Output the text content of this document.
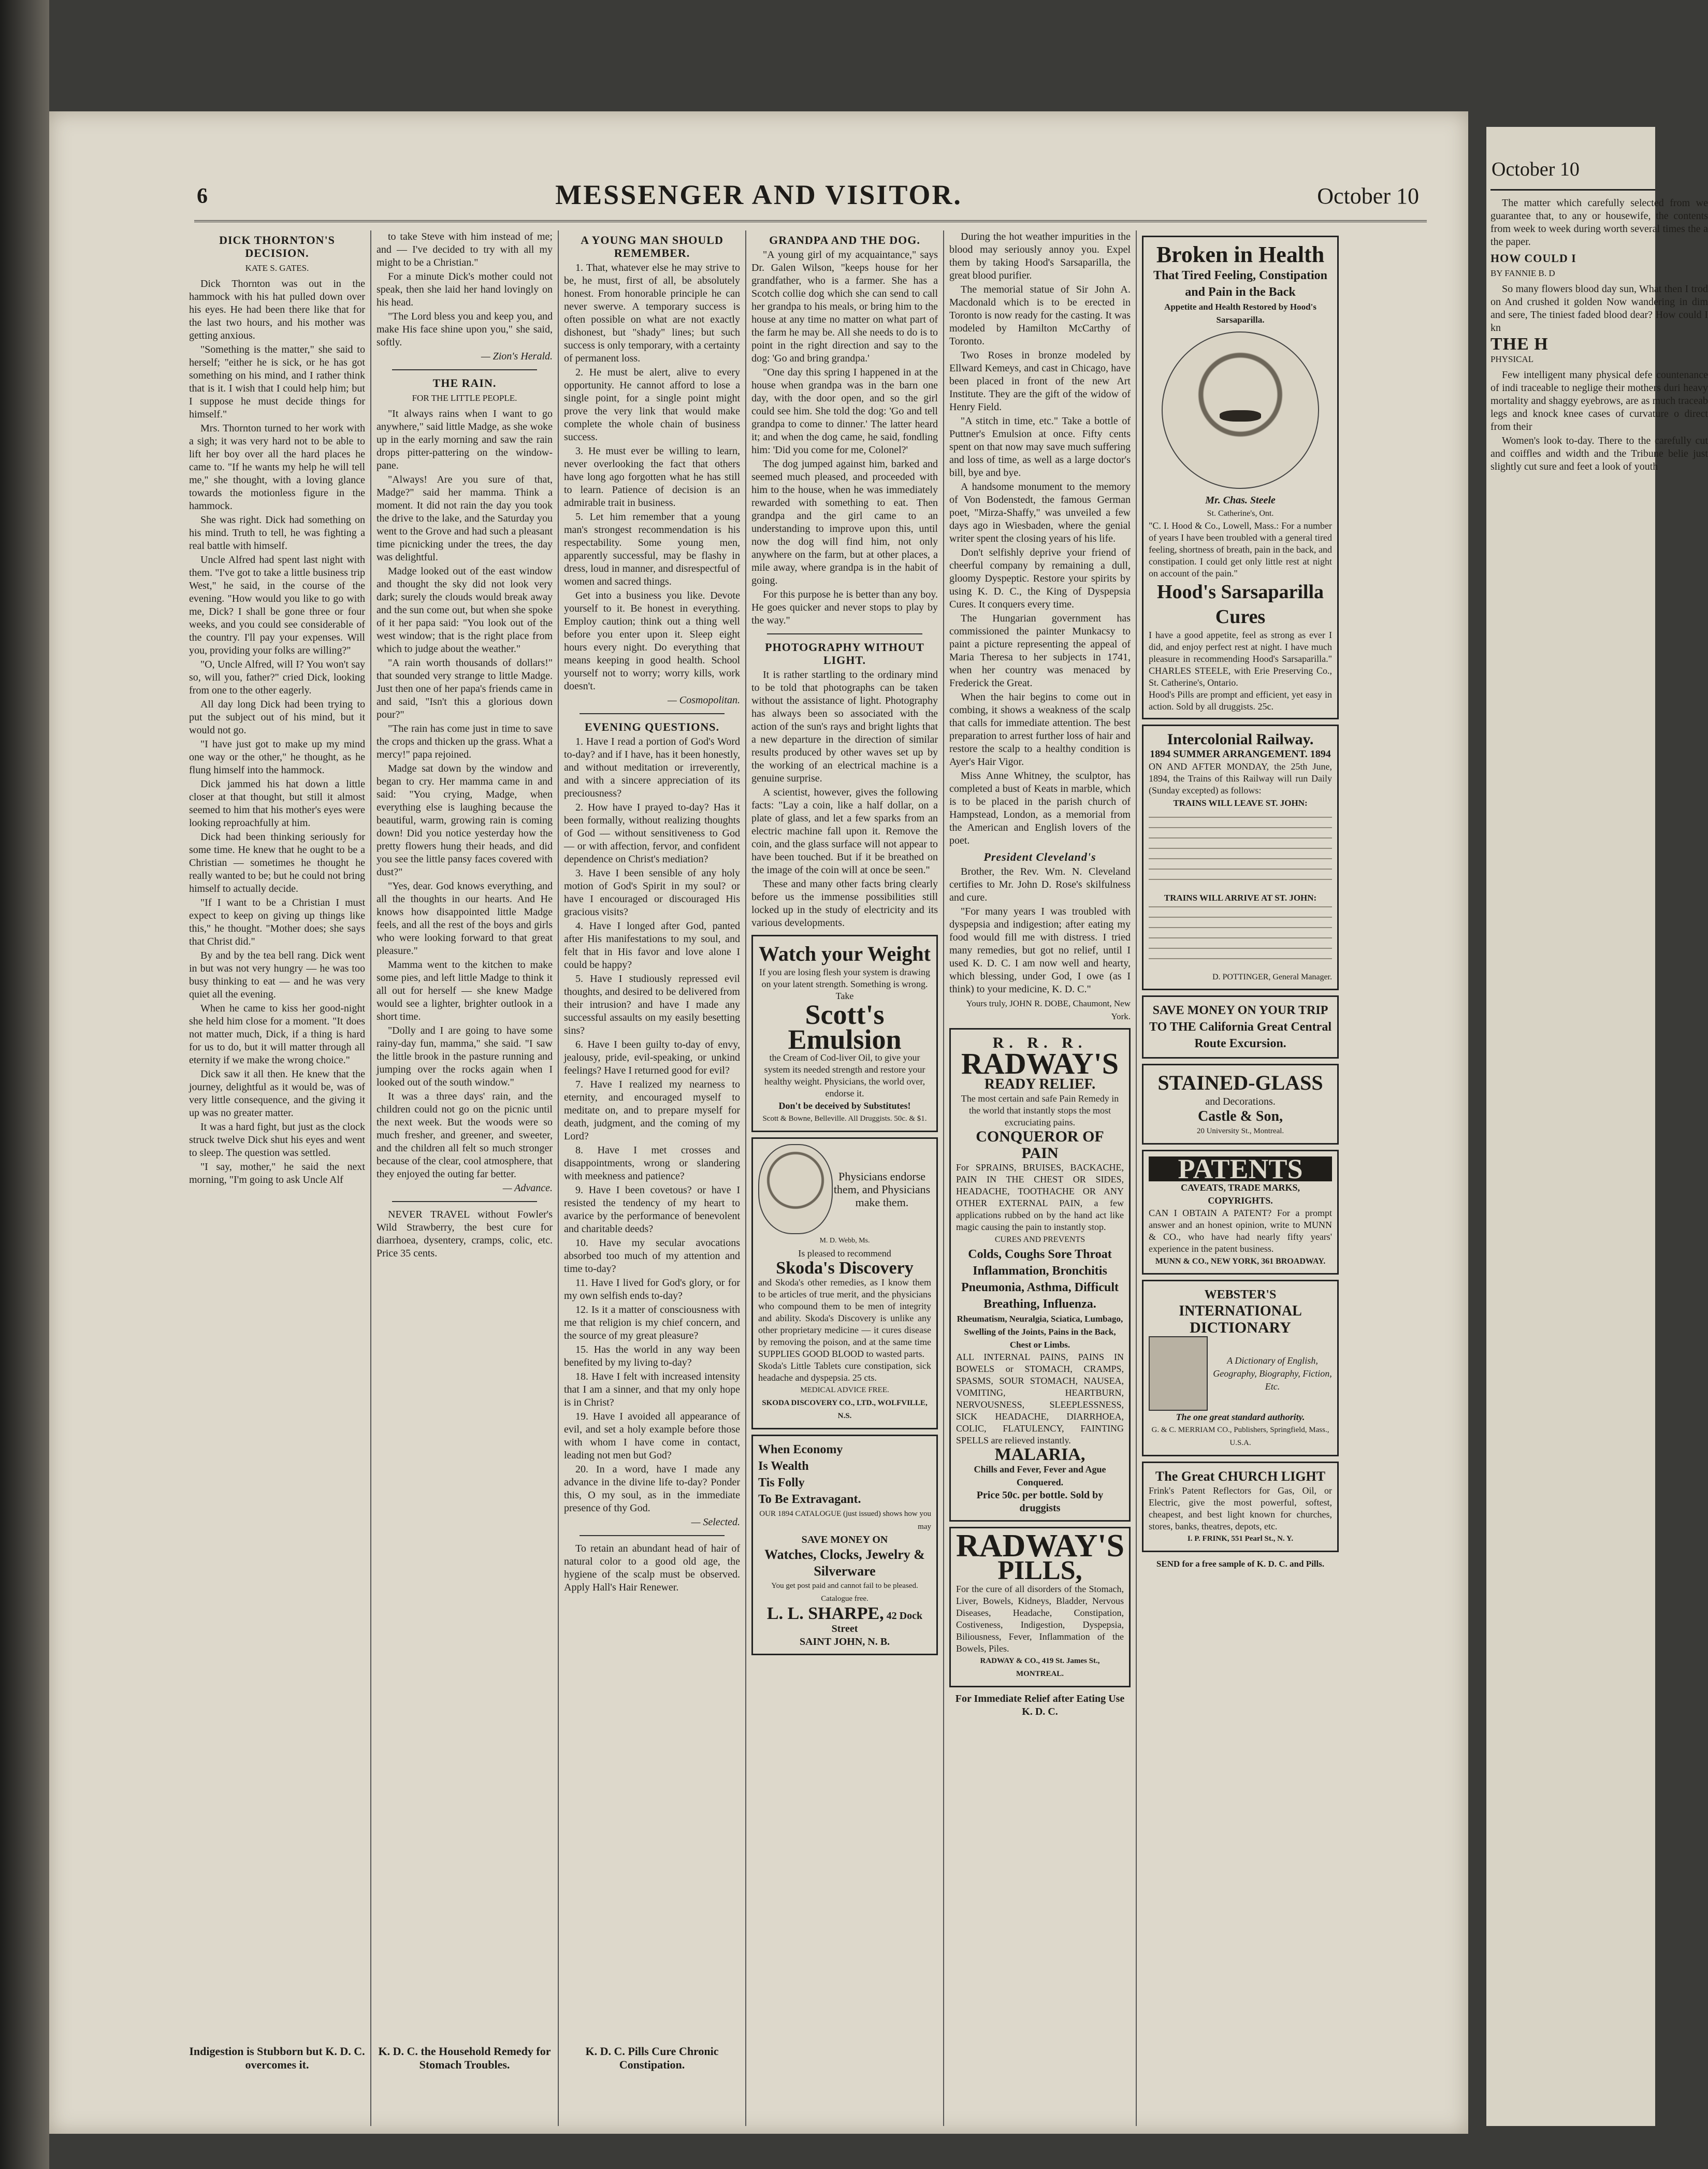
6	MESSENGER AND VISITOR.	October 10
DICK THORNTON'S DECISION.
KATE S. GATES.

Dick Thornton was out in the hammock with his hat pulled down over his eyes. He had been there like that for the last two hours, and his mother was getting anxious.

"Something is the matter," she said to herself; "either he is sick, or he has got something on his mind, and I rather think that is it. I wish that I could help him; but I suppose he must decide things for himself."

Mrs. Thornton turned to her work with a sigh; it was very hard not to be able to lift her boy over all the hard places he came to. "If he wants my help he will tell me," she thought, with a loving glance towards the motionless figure in the hammock.

She was right. Dick had something on his mind. Truth to tell, he was fighting a real battle with himself.

Uncle Alfred had spent last night with them. "I've got to take a little business trip West," he said, in the course of the evening. "How would you like to go with me, Dick? I shall be gone three or four weeks, and you could see considerable of the country. I'll pay your expenses. Will you, providing your folks are willing?"

"O, Uncle Alfred, will I? You won't say so, will you, father?" cried Dick, looking from one to the other eagerly.

All day long Dick had been trying to put the subject out of his mind, but it would not go.

"I have just got to make up my mind one way or the other," he thought, as he flung himself into the hammock.

Dick jammed his hat down a little closer at that thought, but still it almost seemed to him that his mother's eyes were looking reproachfully at him.

Dick had been thinking seriously for some time. He knew that he ought to be a Christian — sometimes he thought he really wanted to be; but he could not bring himself to actually decide.

"If I want to be a Christian I must expect to keep on giving up things like this," he thought. "Mother does; she says that Christ did."

By and by the tea bell rang. Dick went in but was not very hungry — he was too busy thinking to eat — and he was very quiet all the evening.

When he came to kiss her good-night she held him close for a moment. "It does not matter much, Dick, if a thing is hard for us to do, but it will matter through all eternity if we make the wrong choice."

Dick saw it all then. He knew that the journey, delightful as it would be, was of very little consequence, and the giving it up was no greater matter.

It was a hard fight, but just as the clock struck twelve Dick shut his eyes and went to sleep. The question was settled.

"I say, mother," he said the next morning, "I'm going to ask Uncle Alf

Indigestion is Stubborn but K. D. C. overcomes it.

to take Steve with him instead of me; and — I've decided to try with all my might to be a Christian."

For a minute Dick's mother could not speak, then she laid her hand lovingly on his head.

"The Lord bless you and keep you, and make His face shine upon you," she said, softly.

— Zion's Herald.
THE RAIN.
FOR THE LITTLE PEOPLE.

"It always rains when I want to go anywhere," said little Madge, as she woke up in the early morning and saw the rain drops pitter-pattering on the window-pane.

"Always! Are you sure of that, Madge?" said her mamma. Think a moment. It did not rain the day you took the drive to the lake, and the Saturday you went to the Grove and had such a pleasant time picnicking under the trees, the day was delightful.

Madge looked out of the east window and thought the sky did not look very dark; surely the clouds would break away and the sun come out, but when she spoke of it her papa said: "You look out of the west window; that is the right place from which to judge about the weather."

"A rain worth thousands of dollars!" that sounded very strange to little Madge. Just then one of her papa's friends came in and said, "Isn't this a glorious down pour?"

"The rain has come just in time to save the crops and thicken up the grass. What a mercy!" papa rejoined.

Madge sat down by the window and began to cry. Her mamma came in and said: "You crying, Madge, when everything else is laughing because the beautiful, warm, growing rain is coming down! Did you notice yesterday how the pretty flowers hung their heads, and did you see the little pansy faces covered with dust?"

"Yes, dear. God knows everything, and all the thoughts in our hearts. And He knows how disappointed little Madge feels, and all the rest of the boys and girls who were looking forward to that great pleasure."

Mamma went to the kitchen to make some pies, and left little Madge to think it all out for herself — she knew Madge would see a lighter, brighter outlook in a short time.

"Dolly and I are going to have some rainy-day fun, mamma," she said. "I saw the little brook in the pasture running and jumping over the rocks again when I looked out of the south window."

It was a three days' rain, and the children could not go on the picnic until the next week. But the woods were so much fresher, and greener, and sweeter, and the children all felt so much stronger because of the clear, cool atmosphere, that they enjoyed the outing far better.

— Advance.

NEVER TRAVEL without Fowler's Wild Strawberry, the best cure for diarrhoea, dysentery, cramps, colic, etc. Price 35 cents.

K. D. C. the Household Remedy for Stomach Troubles.
A YOUNG MAN SHOULD REMEMBER.

1. That, whatever else he may strive to be, he must, first of all, be absolutely honest. From honorable principle he can never swerve. A temporary success is often possible on what are not exactly dishonest, but "shady" lines; but such success is only temporary, with a certainty of permanent loss.

2. He must be alert, alive to every opportunity. He cannot afford to lose a single point, for a single point might prove the very link that would make complete the whole chain of business success.

3. He must ever be willing to learn, never overlooking the fact that others have long ago forgotten what he has still to learn. Patience of decision is an admirable trait in business.

5. Let him remember that a young man's strongest recommendation is his respectability. Some young men, apparently successful, may be flashy in dress, loud in manner, and disrespectful of women and sacred things.

Get into a business you like. Devote yourself to it. Be honest in everything. Employ caution; think out a thing well before you enter upon it. Sleep eight hours every night. Do everything that means keeping in good health. School yourself not to worry; worry kills, work doesn't.

— Cosmopolitan.
EVENING QUESTIONS.

1. Have I read a portion of God's Word to-day? and if I have, has it been honestly, and without meditation or irreverently, and with a sincere appreciation of its preciousness?

2. How have I prayed to-day? Has it been formally, without realizing thoughts of God — without sensitiveness to God — or with affection, fervor, and confident dependence on Christ's mediation?

3. Have I been sensible of any holy motion of God's Spirit in my soul? or have I encouraged or discouraged His gracious visits?

4. Have I longed after God, panted after His manifestations to my soul, and felt that in His favor and love alone I could be happy?

5. Have I studiously repressed evil thoughts, and desired to be delivered from their intrusion? and have I made any successful assaults on my easily besetting sins?

6. Have I been guilty to-day of envy, jealousy, pride, evil-speaking, or unkind feelings? Have I returned good for evil?

7. Have I realized my nearness to eternity, and encouraged myself to meditate on, and to prepare myself for death, judgment, and the coming of my Lord?

8. Have I met crosses and disappointments, wrong or slandering with meekness and patience?

9. Have I been covetous? or have I resisted the tendency of my heart to avarice by the performance of benevolent and charitable deeds?

10. Have my secular avocations absorbed too much of my attention and time to-day?

11. Have I lived for God's glory, or for my own selfish ends to-day?

12. Is it a matter of consciousness with me that religion is my chief concern, and the source of my great pleasure?

15. Has the world in any way been benefited by my living to-day?

18. Have I felt with increased intensity that I am a sinner, and that my only hope is in Christ?

19. Have I avoided all appearance of evil, and set a holy example before those with whom I have come in contact, leading not men but God?

20. In a word, have I made any advance in the divine life to-day? Ponder this, O my soul, as in the immediate presence of thy God.

— Selected.

To retain an abundant head of hair of natural color to a good old age, the hygiene of the scalp must be observed. Apply Hall's Hair Renewer.

K. D. C. Pills Cure Chronic Constipation.
GRANDPA AND THE DOG.

"A young girl of my acquaintance," says Dr. Galen Wilson, "keeps house for her grandfather, who is a farmer. She has a Scotch collie dog which she can send to call her grandpa to his meals, or bring him to the house at any time no matter on what part of the farm he may be. All she needs to do is to point in the right direction and say to the dog: 'Go and bring grandpa.'

"One day this spring I happened in at the house when grandpa was in the barn one day, with the door open, and so the girl could see him. She told the dog: 'Go and tell grandpa to come to dinner.' The latter heard it; and when the dog came, he said, fondling him: 'Did you come for me, Colonel?'

The dog jumped against him, barked and seemed much pleased, and proceeded with him to the house, when he was immediately rewarded with something to eat. Then grandpa and the girl came to an understanding to improve upon this, until now the dog will find him, not only anywhere on the farm, but at other places, a mile away, where grandpa is in the habit of going.

For this purpose he is better than any boy. He goes quicker and never stops to play by the way."

PHOTOGRAPHY WITHOUT LIGHT.

It is rather startling to the ordinary mind to be told that photographs can be taken without the assistance of light. Photography has always been so associated with the action of the sun's rays and bright lights that a new departure in the direction of similar results produced by other waves set up by the working of an electrical machine is a genuine surprise.

A scientist, however, gives the following facts: "Lay a coin, like a half dollar, on a plate of glass, and let a few sparks from an electric machine fall upon it. Remove the coin, and the glass surface will not appear to have been touched. But if it be breathed on the image of the coin will at once be seen."

These and many other facts bring clearly before us the immense possibilities still locked up in the study of electricity and its various developments.

Watch your Weight
If you are losing flesh your system is drawing on your latent strength. Something is wrong. Take
Scott's
Emulsion
the Cream of Cod-liver Oil, to give your system its needed strength and restore your healthy weight. Physicians, the world over, endorse it.
Don't be deceived by Substitutes!
Scott & Bowne, Belleville. All Druggists. 50c. & $1.
Physicians endorse them, and Physicians make them.
M. D. Webb, Ms.
Is pleased to recommend
Skoda's Discovery
and Skoda's other remedies, as I know them to be articles of true merit, and the physicians who compound them to be men of integrity and ability. Skoda's Discovery is unlike any other proprietary medicine — it cures disease by removing the poison, and at the same time SUPPLIES GOOD BLOOD to wasted parts.
Skoda's Little Tablets cure constipation, sick headache and dyspepsia. 25 cts.
MEDICAL ADVICE FREE.
SKODA DISCOVERY CO., LTD., WOLFVILLE, N.S.
When Economy
Is Wealth
Tis Folly
To Be Extravagant.
OUR 1894 CATALOGUE (just issued) shows how you may
SAVE MONEY ON
Watches, Clocks, Jewelry & Silverware
You get post paid and cannot fail to be pleased. Catalogue free.
L. L. SHARPE, 42 Dock Street
SAINT JOHN, N. B.

During the hot weather impurities in the blood may seriously annoy you. Expel them by taking Hood's Sarsaparilla, the great blood purifier.

The memorial statue of Sir John A. Macdonald which is to be erected in Toronto is now ready for the casting. It was modeled by Hamilton McCarthy of Toronto.

Two Roses in bronze modeled by Ellward Kemeys, and cast in Chicago, have been placed in front of the new Art Institute. They are the gift of the widow of Henry Field.

"A stitch in time, etc." Take a bottle of Puttner's Emulsion at once. Fifty cents spent on that now may save much suffering and loss of time, as well as a large doctor's bill, bye and bye.

A handsome monument to the memory of Von Bodenstedt, the famous German poet, "Mirza-Shaffy," was unveiled a few days ago in Wiesbaden, where the genial writer spent the closing years of his life.

Don't selfishly deprive your friend of cheerful company by remaining a dull, gloomy Dyspeptic. Restore your spirits by using K. D. C., the King of Dyspepsia Cures. It conquers every time.

The Hungarian government has commissioned the painter Munkacsy to paint a picture representing the appeal of Maria Theresa to her subjects in 1741, when her country was menaced by Frederick the Great.

When the hair begins to come out in combing, it shows a weakness of the scalp that calls for immediate attention. The best preparation to arrest further loss of hair and restore the scalp to a healthy condition is Ayer's Hair Vigor.

Miss Anne Whitney, the sculptor, has completed a bust of Keats in marble, which is to be placed in the parish church of Hampstead, London, as a memorial from the American and English lovers of the poet.

President Cleveland's

Brother, the Rev. Wm. N. Cleveland certifies to Mr. John D. Rose's skilfulness and cure.

"For many years I was troubled with dyspepsia and indigestion; after eating my food would fill me with distress. I tried many remedies, but got no relief, until I used K. D. C. I am now well and hearty, which blessing, under God, I owe (as I think) to your medicine, K. D. C."

Yours truly, JOHN R. DOBE, Chaumont, New York.
R. R. R.
RADWAY'S
READY RELIEF.
The most certain and safe Pain Remedy in the world that instantly stops the most excruciating pains.
CONQUEROR OF PAIN
For SPRAINS, BRUISES, BACKACHE, PAIN IN THE CHEST OR SIDES, HEADACHE, TOOTHACHE OR ANY OTHER EXTERNAL PAIN, a few applications rubbed on by the hand act like magic causing the pain to instantly stop.
CURES AND PREVENTS
Colds, Coughs Sore Throat Inflammation, Bronchitis Pneumonia, Asthma, Difficult Breathing, Influenza.
Rheumatism, Neuralgia, Sciatica, Lumbago, Swelling of the Joints, Pains in the Back, Chest or Limbs.
ALL INTERNAL PAINS, PAINS IN BOWELS or STOMACH, CRAMPS, SPASMS, SOUR STOMACH, NAUSEA, VOMITING, HEARTBURN, NERVOUSNESS, SLEEPLESSNESS, SICK HEADACHE, DIARRHOEA, COLIC, FLATULENCY, FAINTING SPELLS are relieved instantly.
MALARIA,
Chills and Fever, Fever and Ague Conquered.
Price 50c. per bottle. Sold by druggists
RADWAY'S
PILLS,
For the cure of all disorders of the Stomach, Liver, Bowels, Kidneys, Bladder, Nervous Diseases, Headache, Constipation, Costiveness, Indigestion, Dyspepsia, Biliousness, Fever, Inflammation of the Bowels, Piles.
RADWAY & CO., 419 St. James St., MONTREAL.
For Immediate Relief after Eating Use K. D. C.
Broken in Health
That Tired Feeling, Constipation and Pain in the Back
Appetite and Health Restored by Hood's Sarsaparilla.
Mr. Chas. Steele
St. Catherine's, Ont.
"C. I. Hood & Co., Lowell, Mass.: For a number of years I have been troubled with a general tired feeling, shortness of breath, pain in the back, and constipation. I could get only little rest at night on account of the pain."
Hood's Sarsaparilla Cures
I have a good appetite, feel as strong as ever I did, and enjoy perfect rest at night. I have much pleasure in recommending Hood's Sarsaparilla." CHARLES STEELE, with Erie Preserving Co., St. Catherine's, Ontario.
Hood's Pills are prompt and efficient, yet easy in action. Sold by all druggists. 25c.
Intercolonial Railway.
1894 SUMMER ARRANGEMENT. 1894
ON AND AFTER MONDAY, the 25th June, 1894, the Trains of this Railway will run Daily (Sunday excepted) as follows:
TRAINS WILL LEAVE ST. JOHN:
TRAINS WILL ARRIVE AT ST. JOHN:
D. POTTINGER, General Manager.
SAVE MONEY ON YOUR TRIP TO THE California Great Central Route Excursion.
STAINED-GLASS
and Decorations.
Castle & Son,
20 University St., Montreal.
PATENTS
CAVEATS, TRADE MARKS, COPYRIGHTS.
CAN I OBTAIN A PATENT? For a prompt answer and an honest opinion, write to MUNN & CO., who have had nearly fifty years' experience in the patent business.
MUNN & CO., NEW YORK, 361 BROADWAY.
WEBSTER'S
INTERNATIONAL
DICTIONARY
A Dictionary of English, Geography, Biography, Fiction, Etc.
The one great standard authority.
G. & C. MERRIAM CO., Publishers, Springfield, Mass., U.S.A.
The Great CHURCH LIGHT
Frink's Patent Reflectors for Gas, Oil, or Electric, give the most powerful, softest, cheapest, and best light known for churches, stores, banks, theatres, depots, etc.
I. P. FRINK, 551 Pearl St., N. Y.
SEND for a free sample of K. D. C. and Pills.
October 10

The matter which carefully selected from we guarantee that, to any or housewife, the contents from week to week during worth several times the a the paper.

HOW COULD I
BY FANNIE B. D

So many flowers blood day sun, What then I trod on And crushed it golden Now wandering in dim and sere, The tiniest faded blood dear? How could I kn

THE H
PHYSICAL

Few intelligent many physical defe countenance of indi traceable to neglige their mothers duri heavy mortality and shaggy eyebrows, are as much traceab legs and knock knee cases of curvature o direct from their

Women's look to-day. There to the carefully cut and coiffles and width and the Tribune belie just slightly cut sure and feet a look of youth
